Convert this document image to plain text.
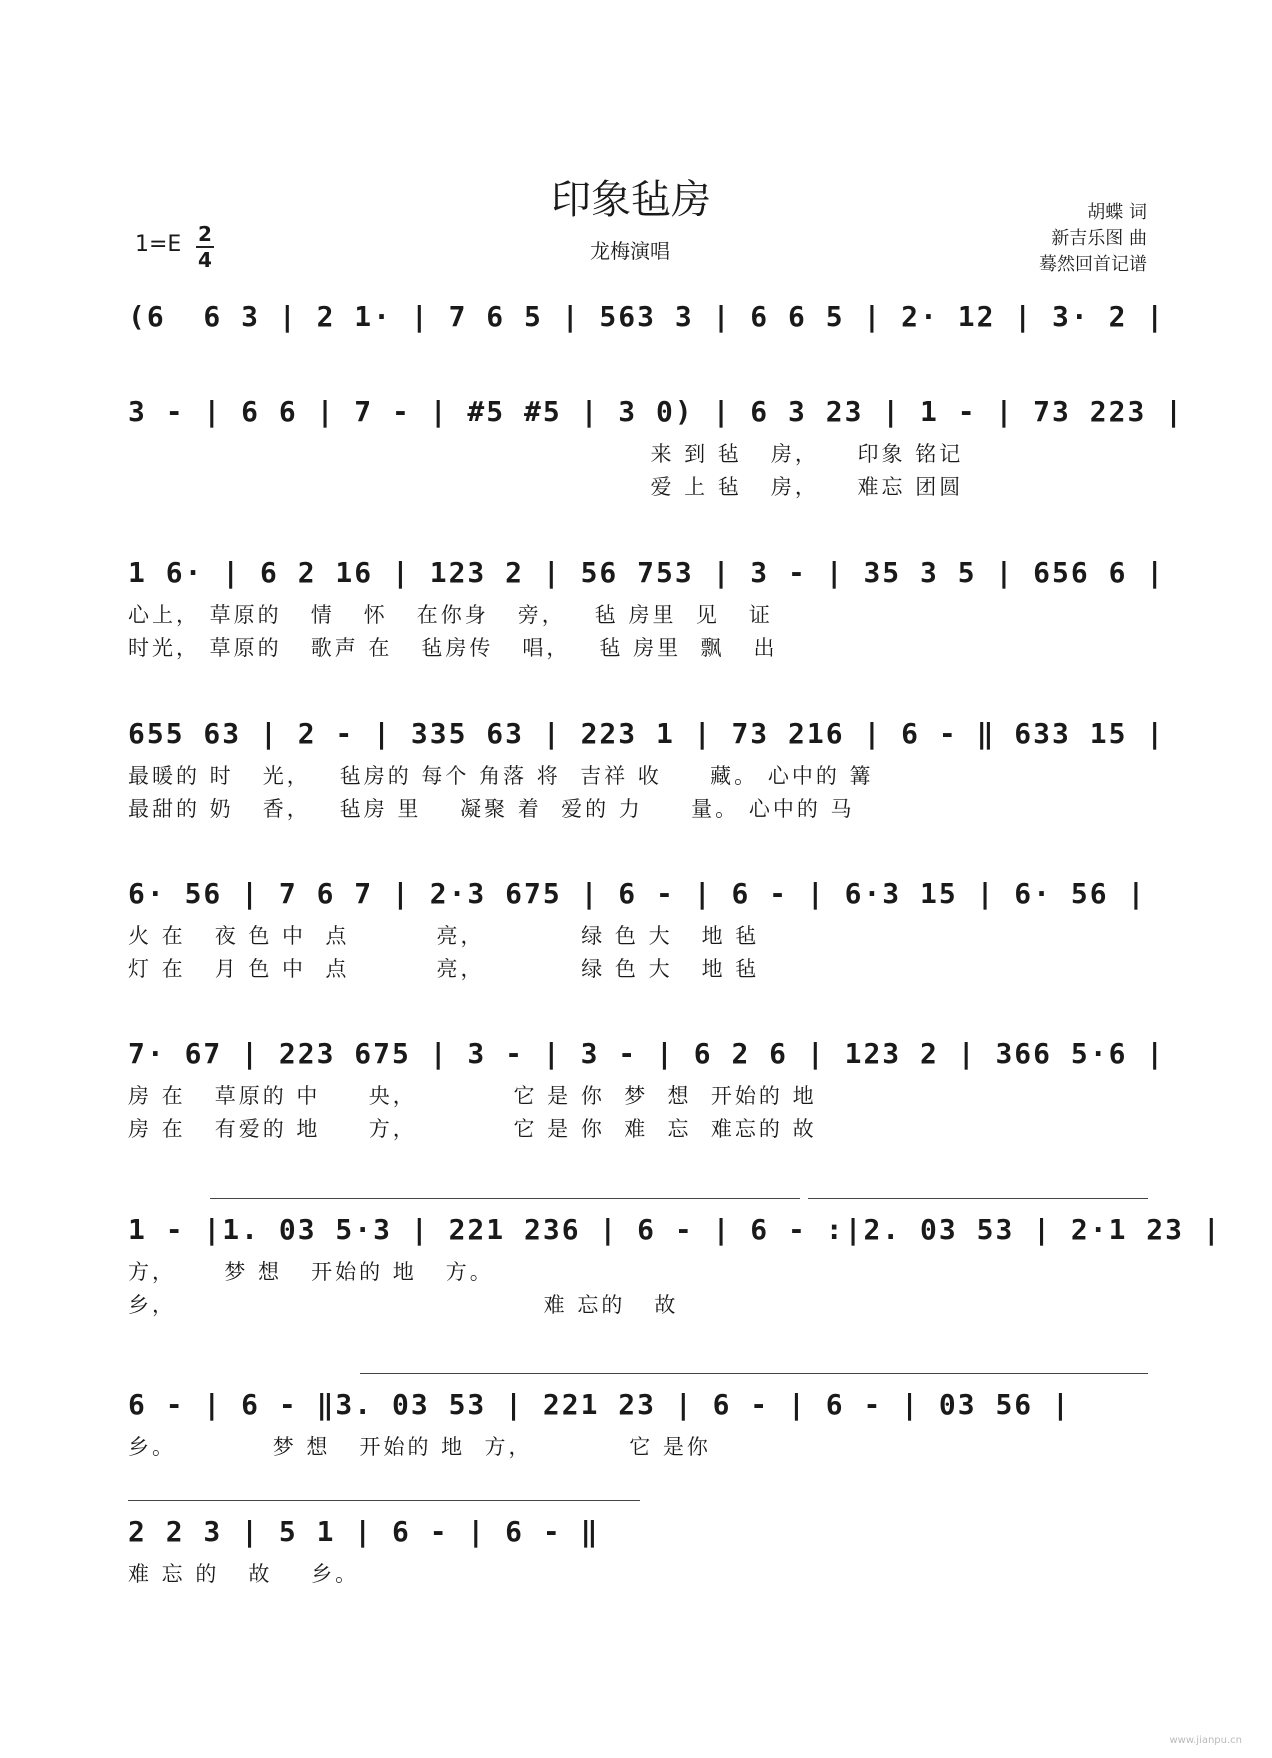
印象毡房
1=E 2
4	龙梅演唱
胡蝶 词
新吉乐图 曲
蓦然回首记谱
(6  6 3 | 2 1· | 7 6 5 | 563 3 | 6 6 5 | 2· 12 | 3· 2 |
3 - | 6 6 | 7 - | #5 #5 | 3 0) | 6 3 23 | 1 - | 73 223 |
来 到 毡   房，    印象 铭记
爱 上 毡   房，    难忘 团圆
1 6· | 6 2 16 | 123 2 | 56 753 | 3 - | 35 3 5 | 656 6 |
心上， 草原的   情   怀   在你身   旁，   毡 房里  见   证
时光， 草原的   歌声 在   毡房传   唱，   毡 房里  飘   出
655 63 | 2 - | 335 63 | 223 1 | 73 216 | 6 - ‖ 633 15 |
最暖的 时   光，   毡房的 每个 角落 将  吉祥 收     藏。 心中的 篝
最甜的 奶   香，   毡房 里    凝聚 着  爱的 力     量。 心中的 马
6· 56 | 7 6 7 | 2·3 675 | 6 - | 6 - | 6·3 15 | 6· 56 |
火 在   夜 色 中  点         亮，          绿 色 大   地 毡
灯 在   月 色 中  点         亮，          绿 色 大   地 毡
7· 67 | 223 675 | 3 - | 3 - | 6 2 6 | 123 2 | 366 5·6 |
房 在   草原的 中     央，          它 是 你  梦  想  开始的 地
房 在   有爱的 地     方，          它 是 你  难  忘  难忘的 故
1 - |1. 03 5·3 | 221 236 | 6 - | 6 - :|2. 03 53 | 2·1 23 |
方，     梦 想   开始的 地   方。
乡，                                      难 忘的   故
6 - | 6 - ‖3. 03 53 | 221 23 | 6 - | 6 - | 03 56 |
乡。          梦 想   开始的 地  方，          它 是你
2 2 3 | 5 1 | 6 - | 6 - ‖
难 忘 的   故    乡。
www.jianpu.cn
